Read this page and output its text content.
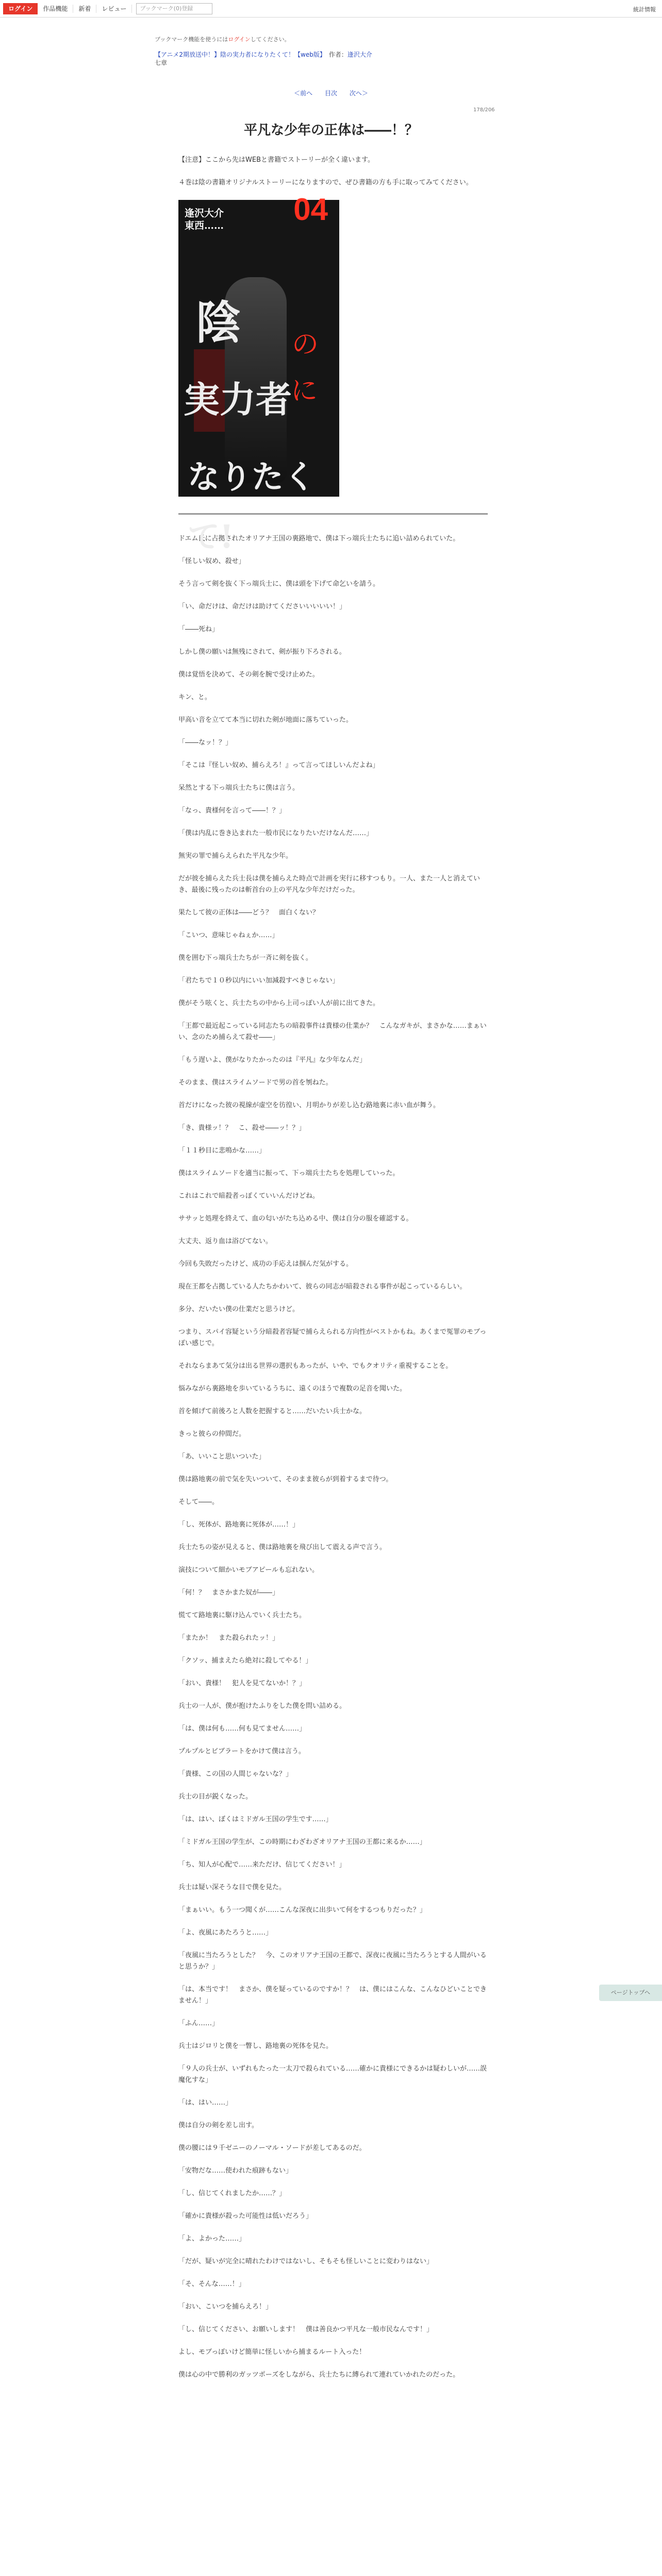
ログイン	作品機能	新着	レビュー	ブックマーク(0)登録	統計情報
ブックマーク機能を使うにはログインしてください。
【アニメ2期放送中！】陰の実力者になりたくて！【web版】　作者：逢沢大介
七章
＜前へ 目次 次へ＞
178/206
平凡な少年の正体は――！？

【注意】ここから先はWEBと書籍でストーリーが全く違います。

４巻は陰の書籍オリジナルストーリーになりますので、ぜひ書籍の方も手に取ってみてください。

逢沢大介
東西…… 04
陰
実力者
なりたくて!
の
に

ドエム氏に占拠されたオリアナ王国の裏路地で、僕は下っ端兵士たちに追い詰められていた。

「怪しい奴め、殺せ」

そう言って剣を抜く下っ端兵士に、僕は頭を下げて命乞いを請う。

「い、命だけは、命だけは助けてくださいいいいい！」

「――死ね」

しかし僕の願いは無残にされて、剣が振り下ろされる。

僕は覚悟を決めて、その剣を腕で受け止めた。

キン、と。

甲高い音を立てて本当に切れた剣が地面に落ちていった。

「――なッ！？」

「そこは『怪しい奴め、捕らえろ！』って言ってほしいんだよね」

呆然とする下っ端兵士たちに僕は言う。

「なっ、貴様何を言って――！？」

「僕は内乱に巻き込まれた一般市民になりたいだけなんだ……」

無実の罪で捕らえられた平凡な少年。

だが彼を捕らえた兵士長は僕を捕らえた時点で計画を実行に移すつもり。一人、また一人と消えていき、最後に残ったのは斬首台の上の平凡な少年だけだった。

果たして彼の正体は――どう？　面白くない？

「こいつ、意味じゃねぇか……」

僕を囲む下っ端兵士たちが一斉に剣を抜く。

「君たちで１０秒以内にいい加減殺すべきじゃない」

僕がそう呟くと、兵士たちの中から上司っぽい人が前に出てきた。

「王都で最近起こっている同志たちの暗殺事件は貴様の仕業か？　こんなガキが、まさかな……まぁいい、念のため捕らえて殺せ――」

「もう遅いよ、僕がなりたかったのは『平凡』な少年なんだ」

そのまま、僕はスライムソードで男の首を刎ねた。

首だけになった彼の視線が虚空を彷徨い、月明かりが差し込む路地裏に赤い血が舞う。

「き、貴様ッ！？　こ、殺せ――ッ！？」

「１１秒目に悲鳴かな……」

僕はスライムソードを適当に振って、下っ端兵士たちを処理していった。

これはこれで暗殺者っぽくていいんだけどね。

ササッと処理を終えて、血の匂いがたち込める中、僕は自分の服を確認する。

大丈夫、返り血は浴びてない。

今回も失敗だったけど、成功の手応えは掴んだ気がする。

現在王都を占拠している人たちかわいて、彼らの同志が暗殺される事件が起こっているらしい。

多分、だいたい僕の仕業だと思うけど。

つまり、スパイ容疑という分暗殺者容疑で捕らえられる方向性がベストかもね。あくまで冤罪のモブっぽい感じで。

それならまあて気分は出る世界の選択もあったが、いや、でもクオリティ重視することを。

悩みながら裏路地を歩いているうちに、遠くのほうで複数の足音を聞いた。

首を傾げて前後ろと人数を把握すると……だいたい兵士かな。

きっと彼らの仲間だ。

「あ、いいこと思いついた」

僕は路地裏の前で気を失いついて、そのまま彼らが到着するまで待つ。

そして――。

「し、死体が、路地裏に死体が……！」

兵士たちの姿が見えると、僕は路地裏を飛び出して震える声で言う。

演技について細かいモブアピールも忘れない。

「何！？　まさかまた奴が――」

慌てて路地裏に駆け込んでいく兵士たち。

「またか！　また殺られたッ！」

「クソッ、捕まえたら絶対に殺してやる！」

「おい、貴様！　犯人を見てないか！？」

兵士の一人が、僕が抱けたふりをした僕を問い詰める。

「は、僕は何も……何も見てません……」

プルプルとビブラートをかけて僕は言う。

「貴様、この国の人間じゃないな？」

兵士の目が鋭くなった。

「は、はい、ぼくはミドガル王国の学生です……」

「ミドガル王国の学生が、この時期にわざわざオリアナ王国の王都に来るか……」

「ち、知人が心配で……来ただけ、信じてください！」

兵士は疑い深そうな目で僕を見た。

「まぁいい。もう一つ聞くが……こんな深夜に出歩いて何をするつもりだった？」

「よ、夜風にあたろうと……」

「夜風に当たろうとした？　今、このオリアナ王国の王都で、深夜に夜風に当たろうとする人間がいると思うか？」

「は、本当です！　まさか、僕を疑っているのですか！？　は、僕にはこんな、こんなひどいことできません！」

「ふん……」

兵士はジロリと僕を一瞥し、路地裏の死体を見た。

「９人の兵士が、いずれもたった一太刀で殺られている……確かに貴様にできるかは疑わしいが……誤魔化すな」

「は、はい……」

僕は自分の剣を差し出す。

僕の腰には９千ゼニーのノーマル・ソードが差してあるのだ。

「安物だな……使われた痕跡もない」

「し、信じてくれましたか……？」

「確かに貴様が殺った可能性は低いだろう」

「よ、よかった……」

「だが、疑いが完全に晴れたわけではないし、そもそも怪しいことに変わりはない」

「そ、そんな……！」

「おい、こいつを捕らえろ！」

「し、信じてください、お願いします！　僕は善良かつ平凡な一般市民なんです！」

よし、モブっぽいけど簡単に怪しいから捕まるルート入った！

僕は心の中で勝利のガッツポーズをしながら、兵士たちに縛られて連れていかれたのだった。

ページトップへ
